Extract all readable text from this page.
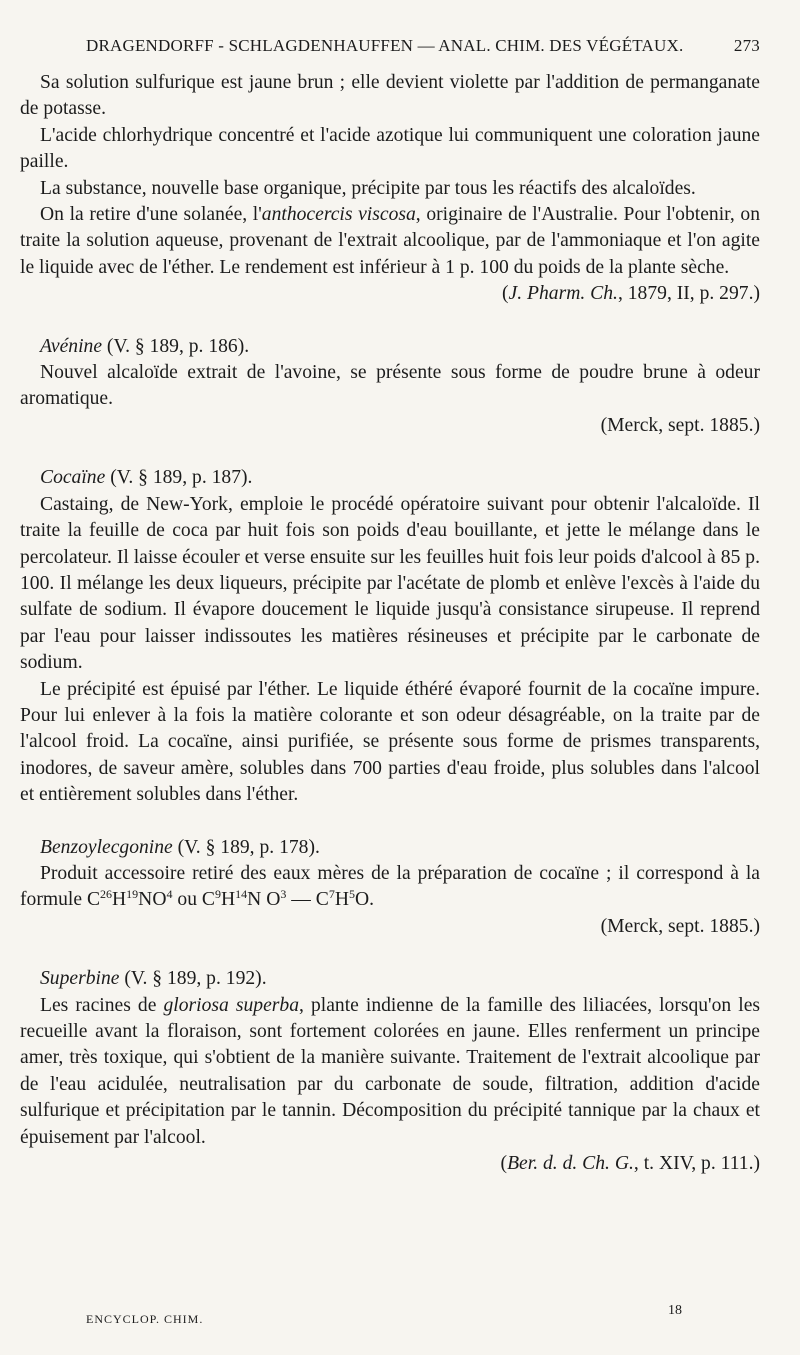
DRAGENDORFF - SCHLAGDENHAUFFEN — ANAL. CHIM. DES VÉGÉTAUX.	273

Sa solution sulfurique est jaune brun ; elle devient violette par l'addition de permanganate de potasse.

L'acide chlorhydrique concentré et l'acide azotique lui communiquent une coloration jaune paille.

La substance, nouvelle base organique, précipite par tous les réactifs des alcaloïdes.

On la retire d'une solanée, l'anthocercis viscosa, originaire de l'Australie. Pour l'obtenir, on traite la solution aqueuse, provenant de l'extrait alcoolique, par de l'ammoniaque et l'on agite le liquide avec de l'éther. Le rendement est inférieur à 1 p. 100 du poids de la plante sèche.

(J. Pharm. Ch., 1879, II, p. 297.)

Avénine (V. § 189, p. 186).

Nouvel alcaloïde extrait de l'avoine, se présente sous forme de poudre brune à odeur aromatique.

(Merck, sept. 1885.)

Cocaïne (V. § 189, p. 187).

Castaing, de New-York, emploie le procédé opératoire suivant pour obtenir l'alcaloïde. Il traite la feuille de coca par huit fois son poids d'eau bouillante, et jette le mélange dans le percolateur. Il laisse écouler et verse ensuite sur les feuilles huit fois leur poids d'alcool à 85 p. 100. Il mélange les deux liqueurs, précipite par l'acétate de plomb et enlève l'excès à l'aide du sulfate de sodium. Il évapore doucement le liquide jusqu'à consistance sirupeuse. Il reprend par l'eau pour laisser indissoutes les matières résineuses et précipite par le carbonate de sodium.

Le précipité est épuisé par l'éther. Le liquide éthéré évaporé fournit de la cocaïne impure. Pour lui enlever à la fois la matière colorante et son odeur désagréable, on la traite par de l'alcool froid. La cocaïne, ainsi purifiée, se présente sous forme de prismes transparents, inodores, de saveur amère, solubles dans 700 parties d'eau froide, plus solubles dans l'alcool et entièrement solubles dans l'éther.

Benzoylecgonine (V. § 189, p. 178).

Produit accessoire retiré des eaux mères de la préparation de cocaïne ; il correspond à la formule $C^{26}H^{19}NO^4$ ou $C^9H^{14}N$ $O^3$ — $C^7H^5O$.

(Merck, sept. 1885.)

Superbine (V. § 189, p. 192).

Les racines de gloriosa superba, plante indienne de la famille des liliacées, lorsqu'on les recueille avant la floraison, sont fortement colorées en jaune. Elles renferment un principe amer, très toxique, qui s'obtient de la manière suivante. Traitement de l'extrait alcoolique par de l'eau acidulée, neutralisation par du carbonate de soude, filtration, addition d'acide sulfurique et précipitation par le tannin. Décomposition du précipité tannique par la chaux et épuisement par l'alcool.

(Ber. d. d. Ch. G., t. XIV, p. 111.)

ENCYCLOP. CHIM.
18
